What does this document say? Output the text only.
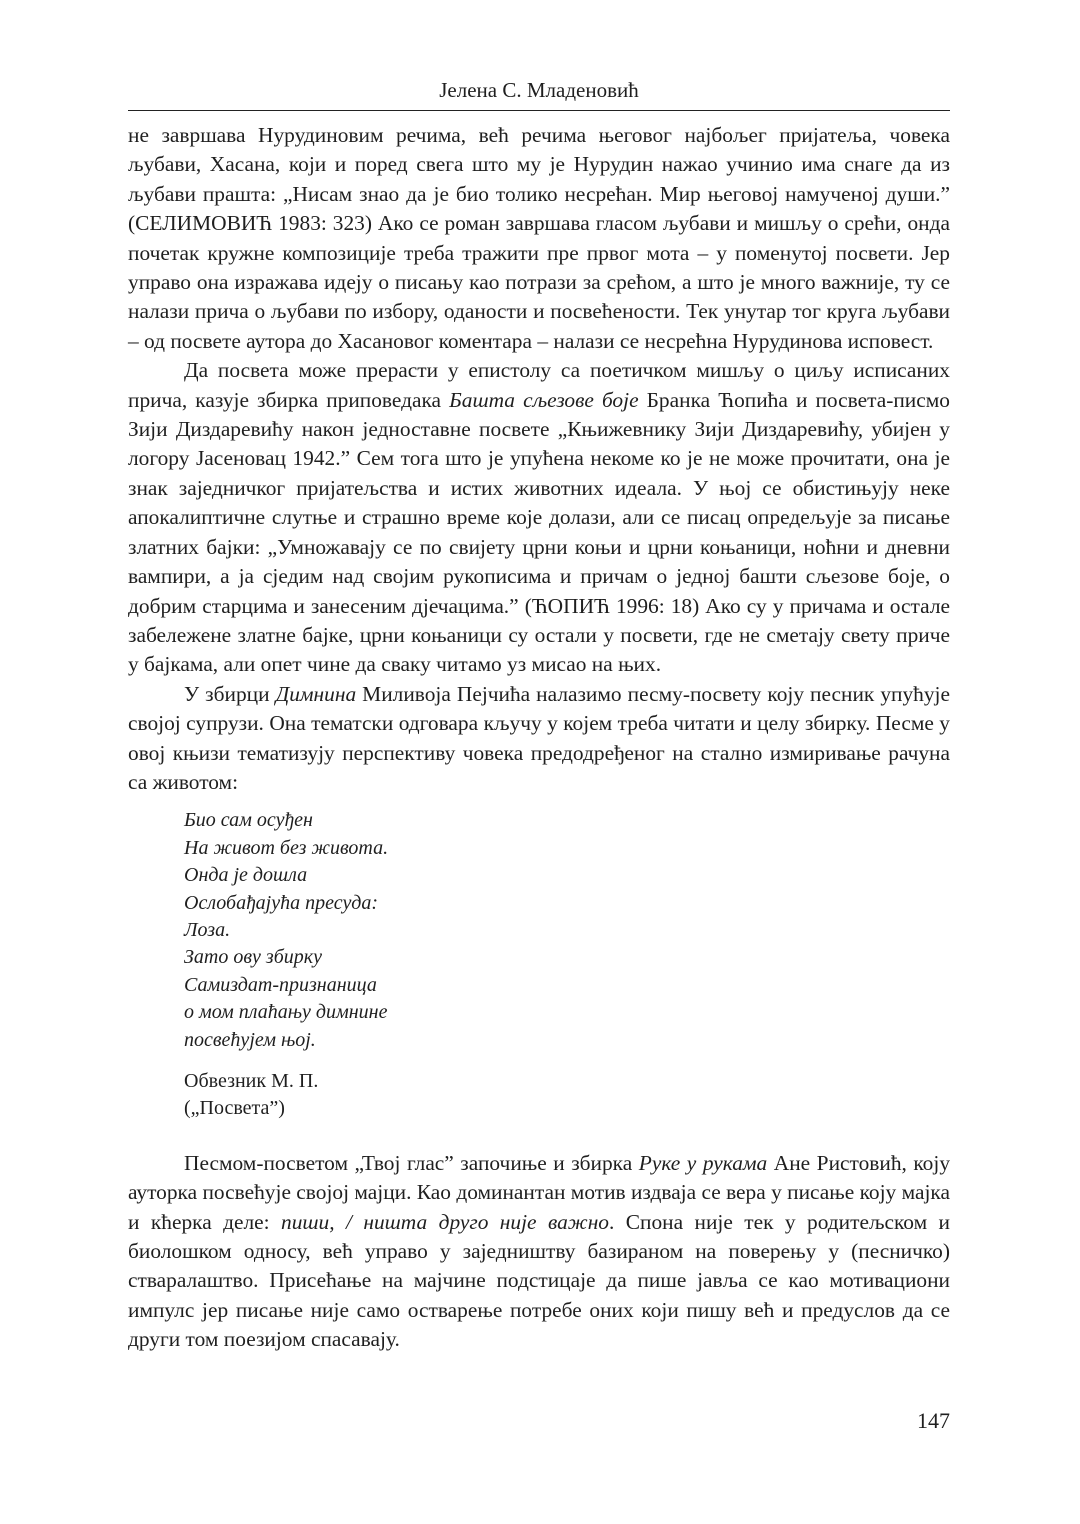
Јелена С. Младеновић

не завршава Нурудиновим речима, већ речима његовог најбољег пријатеља, човека љубави, Хасана, који и поред свега што му је Нурудин нажао учинио има снаге да из љубави прашта: „Нисам знао да је био толико несрећан. Мир његовој намученој души.” (СЕЛИМОВИЋ 1983: 323) Ако се роман завршава гласом љубави и мишљу о срећи, онда почетак кружне композиције треба тражити пре првог мота – у поменутој посвети. Јер управо она изражава идеју о писању као потрази за срећом, а што је много важније, ту се налази прича о љубави по избору, оданости и посвећености. Тек унутар тог круга љубави – од посвете аутора до Хасановог коментара – налази се несрећна Нурудинова исповест.

Да посвета може прерасти у епистолу са поетичком мишљу о циљу исписаних прича, казује збирка приповедака Башта сљезове боје Бранка Ћопића и посвета-писмо Зији Диздаревићу након једноставне посвете „Књижевнику Зији Диздаревићу, убијен у логору Јасеновац 1942.” Сем тога што је упућена некоме ко је не може прочитати, она је знак заједничког пријатељства и истих животних идеала. У њој се обистињују неке апокалиптичне слутње и страшно време које долази, али се писац опредељује за писање златних бајки: „Умножавају се по свијету црни коњи и црни коњаници, ноћни и дневни вампири, а ја сједим над својим рукописима и причам о једној башти сљезове боје, о добрим старцима и занесеним дјечацима.” (ЋОПИЋ 1996: 18) Ако су у причама и остале забележене златне бајке, црни коњаници су остали у посвети, где не сметају свету приче у бајкама, али опет чине да сваку читамо уз мисао на њих.

У збирци Димнина Миливоја Пејчића налазимо песму-посвету коју песник упућује својој супрузи. Она тематски одговара кључу у којем треба читати и целу збирку. Песме у овој књизи тематизују перспективу човека предодређеног на стално измиривање рачуна са животом:

Био сам осуђен
На живот без живота.
Онда је дошла
Ослобађајућа пресуда:
Лоза.
Зато ову збирку
Самиздат-признаница
о мом плаћању димнине
посвећујем њој.
Обвезник М. П.
(„Посвета”)

Песмом-посветом „Твој глас” започиње и збирка Руке у рукама Ане Ристовић, коју ауторка посвећује својој мајци. Као доминантан мотив издваја се вера у писање коју мајка и кћерка деле: пиши, / ништа друго није важно. Спона није тек у родитељском и биолошком односу, већ управо у заједништву базираном на поверењу у (песничко) стваралаштво. Присећање на мајчине подстицаје да пише јавља се као мотивациони импулс јер писање није само остварење потребе оних који пишу већ и предуслов да се други том поезијом спасавају.

147
